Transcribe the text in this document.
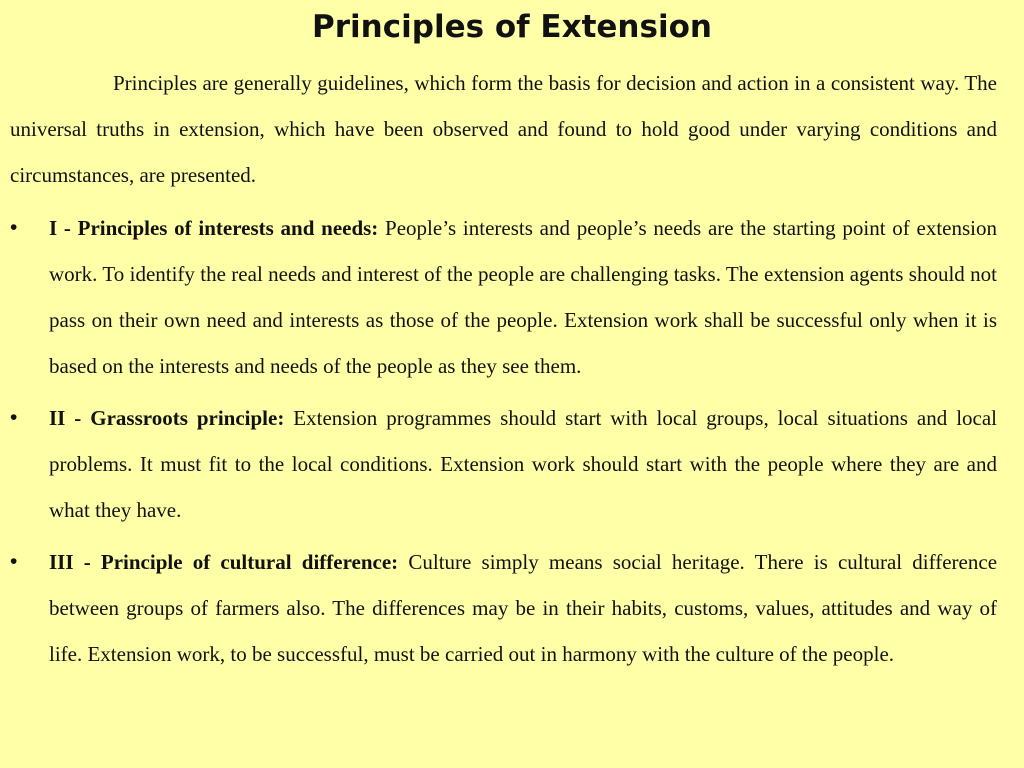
Principles of Extension

Principles are generally guidelines, which form the basis for decision and action in a consistent way. The universal truths in extension, which have been observed and found to hold good under varying conditions and circumstances, are presented.

•	I - Principles of interests and needs: People’s interests and people’s needs are the starting point of extension work. To identify the real needs and interest of the people are challenging tasks. The extension agents should not pass on their own need and interests as those of the people. Extension work shall be successful only when it is based on the interests and needs of the people as they see them.
•	II - Grassroots principle: Extension programmes should start with local groups, local situations and local problems. It must fit to the local conditions. Extension work should start with the people where they are and what they have.
•	III - Principle of cultural difference: Culture simply means social heritage. There is cultural difference between groups of farmers also. The differences may be in their habits, customs, values, attitudes and way of life. Extension work, to be successful, must be carried out in harmony with the culture of the people.
